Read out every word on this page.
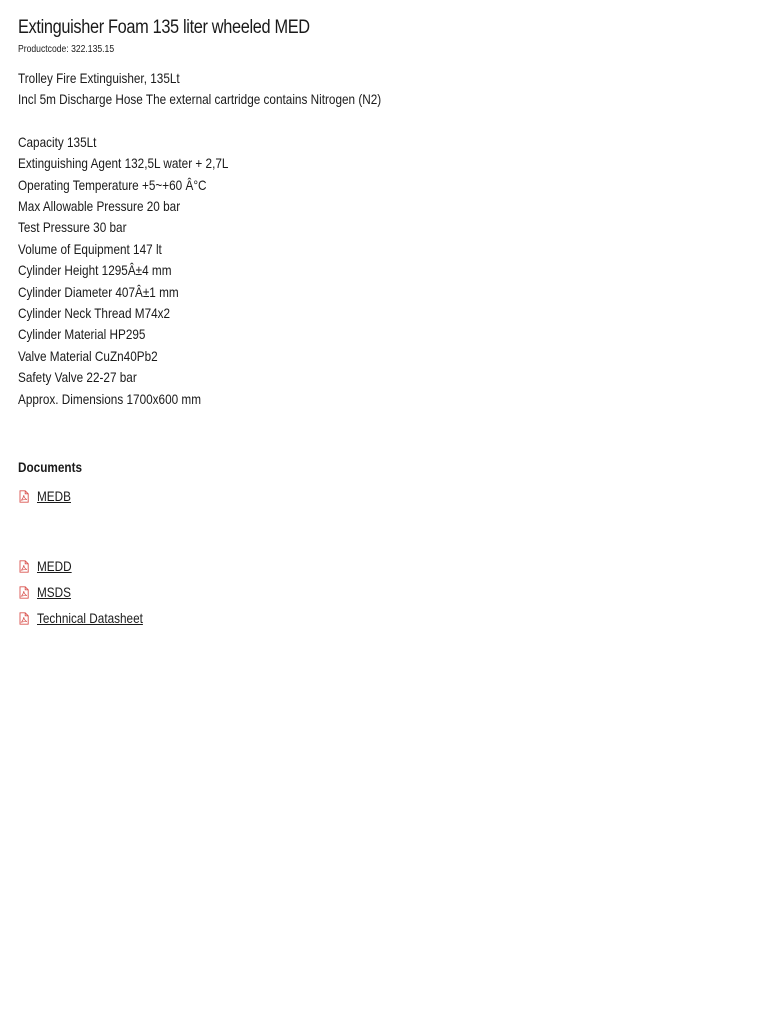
Extinguisher Foam 135 liter wheeled MED
Productcode: 322.135.15
Trolley Fire Extinguisher, 135Lt
Incl 5m Discharge Hose The external cartridge contains Nitrogen (N2)
Capacity 135Lt
Extinguishing Agent 132,5L water + 2,7L
Operating Temperature +5~+60 Â°C
Max Allowable Pressure 20 bar
Test Pressure 30 bar
Volume of Equipment 147 lt
Cylinder Height 1295Â±4 mm
Cylinder Diameter 407Â±1 mm
Cylinder Neck Thread M74x2
Cylinder Material HP295
Valve Material CuZn40Pb2
Safety Valve 22-27 bar
Approx. Dimensions 1700x600 mm
Documents
MEDB
MEDD
MSDS
Technical Datasheet
